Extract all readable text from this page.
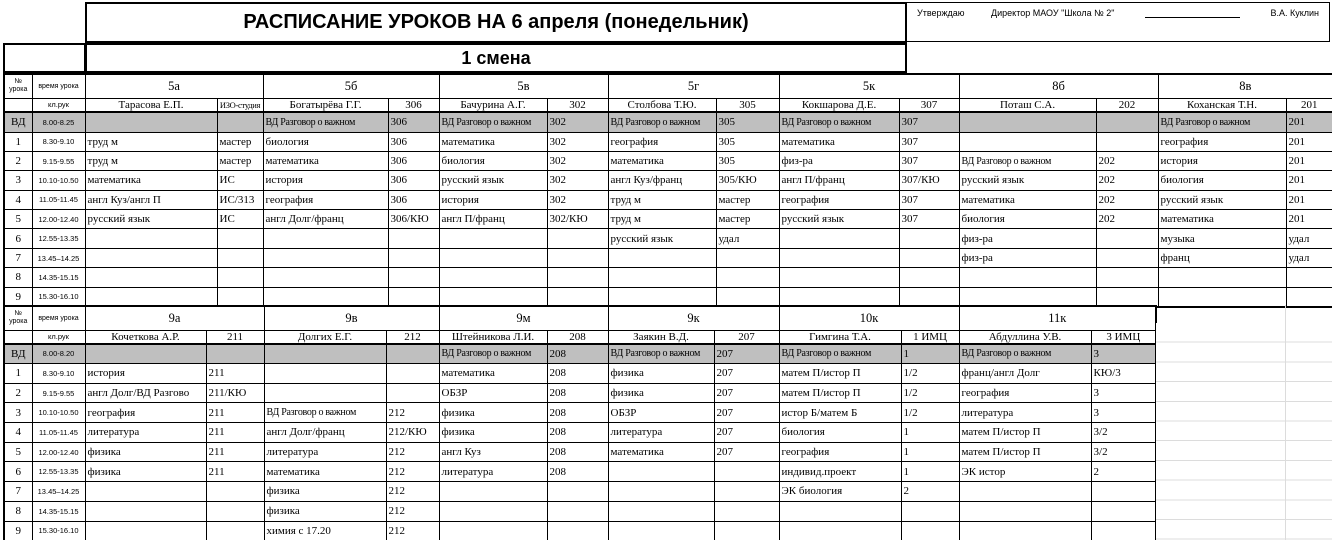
РАСПИСАНИЕ УРОКОВ НА 6 апреля (понедельник)	Утверждаю	Директор МАОУ "Школа № 2"	В.А. Куклин
1 смена
№ урока	время урока	5а		5б		5в		5г		5к		8б		8в	
	кл.рук	Тарасова Е.П.	ИЗО-студия	Богатырёва Г.Г.	306	Бачурина А.Г.	302	Столбова Т.Ю.	305	Кокшарова Д.Е.	307	Поташ С.А.	202	Коханская Т.Н.	201
ВД	8.00-8.25			ВД Разговор о важном	306	ВД Разговор о важном	302	ВД Разговор о важном	305	ВД Разговор о важном	307			ВД Разговор о важном	201
1	8.30-9.10	труд м	мастер	биология	306	математика	302	география	305	математика	307			география	201
2	9.15-9.55	труд м	мастер	математика	306	биология	302	математика	305	физ-ра	307	ВД Разговор о важном	202	история	201
3	10.10-10.50	математика	ИС	история	306	русский язык	302	англ Куз/франц	305/КЮ	англ П/франц	307/КЮ	русский язык	202	биология	201
4	11.05-11.45	англ Куз/англ П	ИС/313	география	306	история	302	труд м	мастер	география	307	математика	202	русский язык	201
5	12.00-12.40	русский язык	ИС	англ Долг/франц	306/КЮ	англ П/франц	302/КЮ	труд м	мастер	русский язык	307	биология	202	математика	201
6	12.55-13.35							русский язык	удал			физ-ра		музыка	удал
7	13.45–14.25											физ-ра		франц	удал
8	14.35-15.15														
9	15.30-16.10														
№ урока	время урока	9а		9в		9м		9к		10к		11к	
	кл.рук	Кочеткова А.Р.	211	Долгих Е.Г.	212	Штейникова Л.И.	208	Заякин В.Д.	207	Гимгина Т.А.	1 ИМЦ	Абдуллина У.В.	3 ИМЦ
ВД	8.00-8.20					ВД Разговор о важном	208	ВД Разговор о важном	207	ВД Разговор о важном	1	ВД Разговор о важном	3
1	8.30-9.10	история	211			математика	208	физика	207	матем П/истор П	1/2	франц/англ Долг	КЮ/3
2	9.15-9.55	англ Долг/ВД Разгово	211/КЮ			ОБЗР	208	физика	207	матем П/истор П	1/2	география	3
3	10.10-10.50	география	211	ВД Разговор о важном	212	физика	208	ОБЗР	207	истор Б/матем Б	1/2	литература	3
4	11.05-11.45	литература	211	англ Долг/франц	212/КЮ	физика	208	литература	207	биология	1	матем П/истор П	3/2
5	12.00-12.40	физика	211	литература	212	англ Куз	208	математика	207	география	1	матем П/истор П	3/2
6	12.55-13.35	физика	211	математика	212	литература	208			индивид.проект	1	ЭК истор	2
7	13.45–14.25			физика	212					ЭК биология	2		
8	14.35-15.15			физика	212								
9	15.30-16.10			химия с 17.20	212								
